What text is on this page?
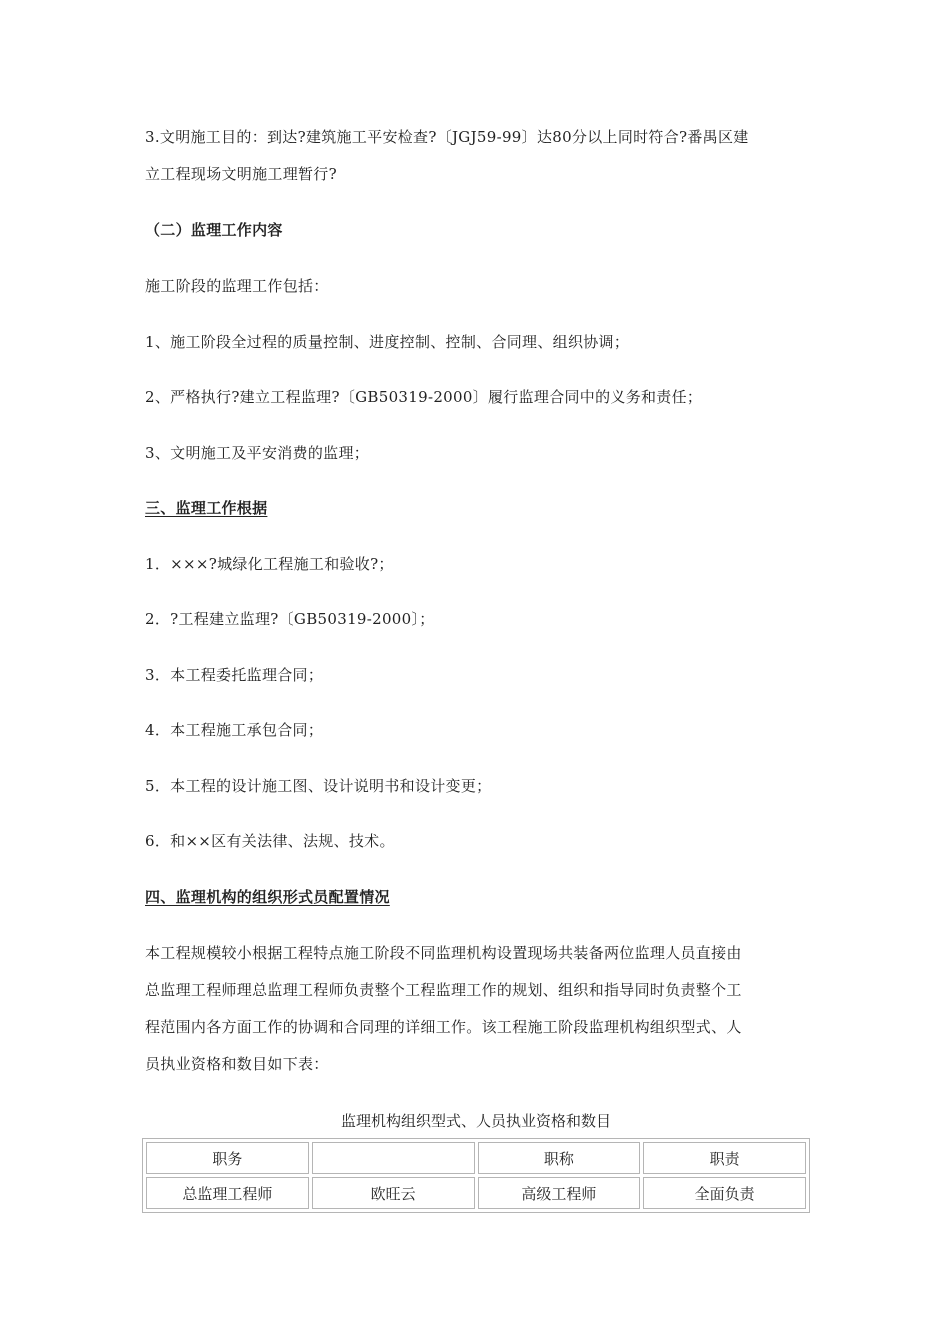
3.文明施工目的：到达?建筑施工平安检查?〔JGJ59-99〕达80分以上同时符合?番禺区建
立工程现场文明施工理暂行?
（二）监理工作内容
施工阶段的监理工作包括：
1、施工阶段全过程的质量控制、进度控制、控制、合同理、组织协调；
2、严格执行?建立工程监理?〔GB50319-2000〕履行监理合同中的义务和责任；
3、文明施工及平安消费的监理；
三、监理工作根据
1．×××?城绿化工程施工和验收?；
2．?工程建立监理?〔GB50319-2000〕；
3．本工程委托监理合同；
4．本工程施工承包合同；
5．本工程的设计施工图、设计说明书和设计变更；
6．和××区有关法律、法规、技术。
四、监理机构的组织形式员配置情况
本工程规模较小根据工程特点施工阶段不同监理机构设置现场共装备两位监理人员直接由
总监理工程师理总监理工程师负责整个工程监理工作的规划、组织和指导同时负责整个工
程范围内各方面工作的协调和合同理的详细工作。该工程施工阶段监理机构组织型式、人
员执业资格和数目如下表：
监理机构组织型式、人员执业资格和数目
职务		职称	职责
总监理工程师	欧旺云	高级工程师	全面负责
